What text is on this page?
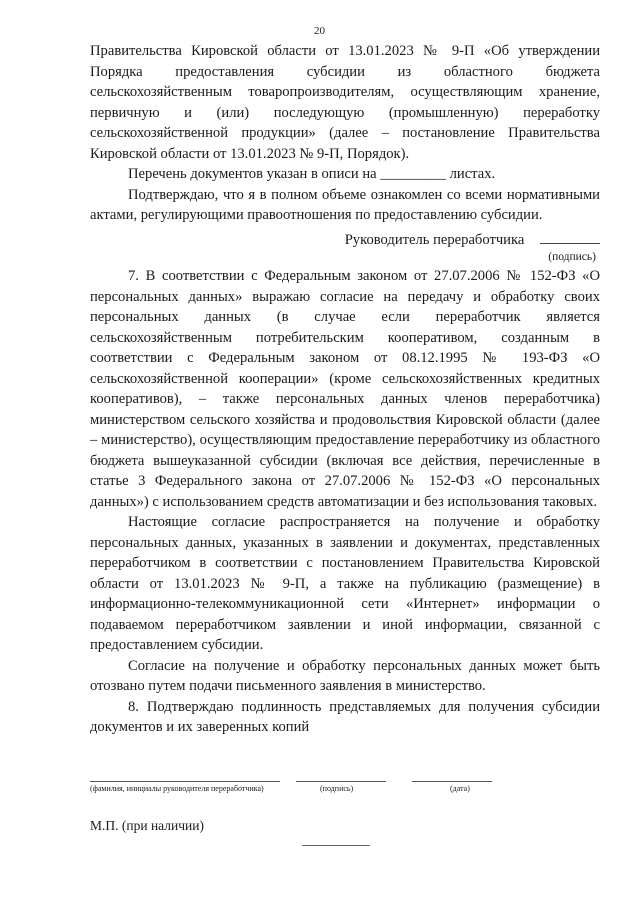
20

Правительства Кировской области от 13.01.2023 № 9-П «Об утверждении Порядка предоставления субсидии из областного бюджета сельскохозяйственным товаропроизводителям, осуществляющим хранение, первичную и (или) последующую (промышленную) переработку сельскохозяйственной продукции» (далее – постановление Правительства Кировской области от 13.01.2023 № 9-П, Порядок).

Перечень документов указан в описи на _________ листах.

Подтверждаю, что я в полном объеме ознакомлен со всеми нормативными актами, регулирующими правоотношения по предоставлению субсидии.

Руководитель переработчика

(подпись)

7. В соответствии с Федеральным законом от 27.07.2006 № 152-ФЗ «О персональных данных» выражаю согласие на передачу и обработку своих персональных данных (в случае если переработчик является сельскохозяйственным потребительским кооперативом, созданным в соответствии с Федеральным законом от 08.12.1995 № 193-ФЗ «О сельскохозяйственной кооперации» (кроме сельскохозяйственных кредитных кооперативов), – также персональных данных членов переработчика) министерством сельского хозяйства и продовольствия Кировской области (далее – министерство), осуществляющим предоставление переработчику из областного бюджета вышеуказанной субсидии (включая все действия, перечисленные в статье 3 Федерального закона от 27.07.2006 № 152-ФЗ «О персональных данных») с использованием средств автоматизации и без использования таковых.

Настоящие согласие распространяется на получение и обработку персональных данных, указанных в заявлении и документах, представленных переработчиком в соответствии с постановлением Правительства Кировской области от 13.01.2023 № 9-П, а также на публикацию (размещение) в информационно-телекоммуникационной сети «Интернет» информации о подаваемом переработчиком заявлении и иной информации, связанной с предоставлением субсидии.

Согласие на получение и обработку персональных данных может быть отозвано путем подачи письменного заявления в министерство.

8. Подтверждаю подлинность представляемых для получения субсидии документов и их заверенных копий

(фамилия, инициалы руководителя переработчика)	(подпись)	(дата)
М.П. (при наличии)
